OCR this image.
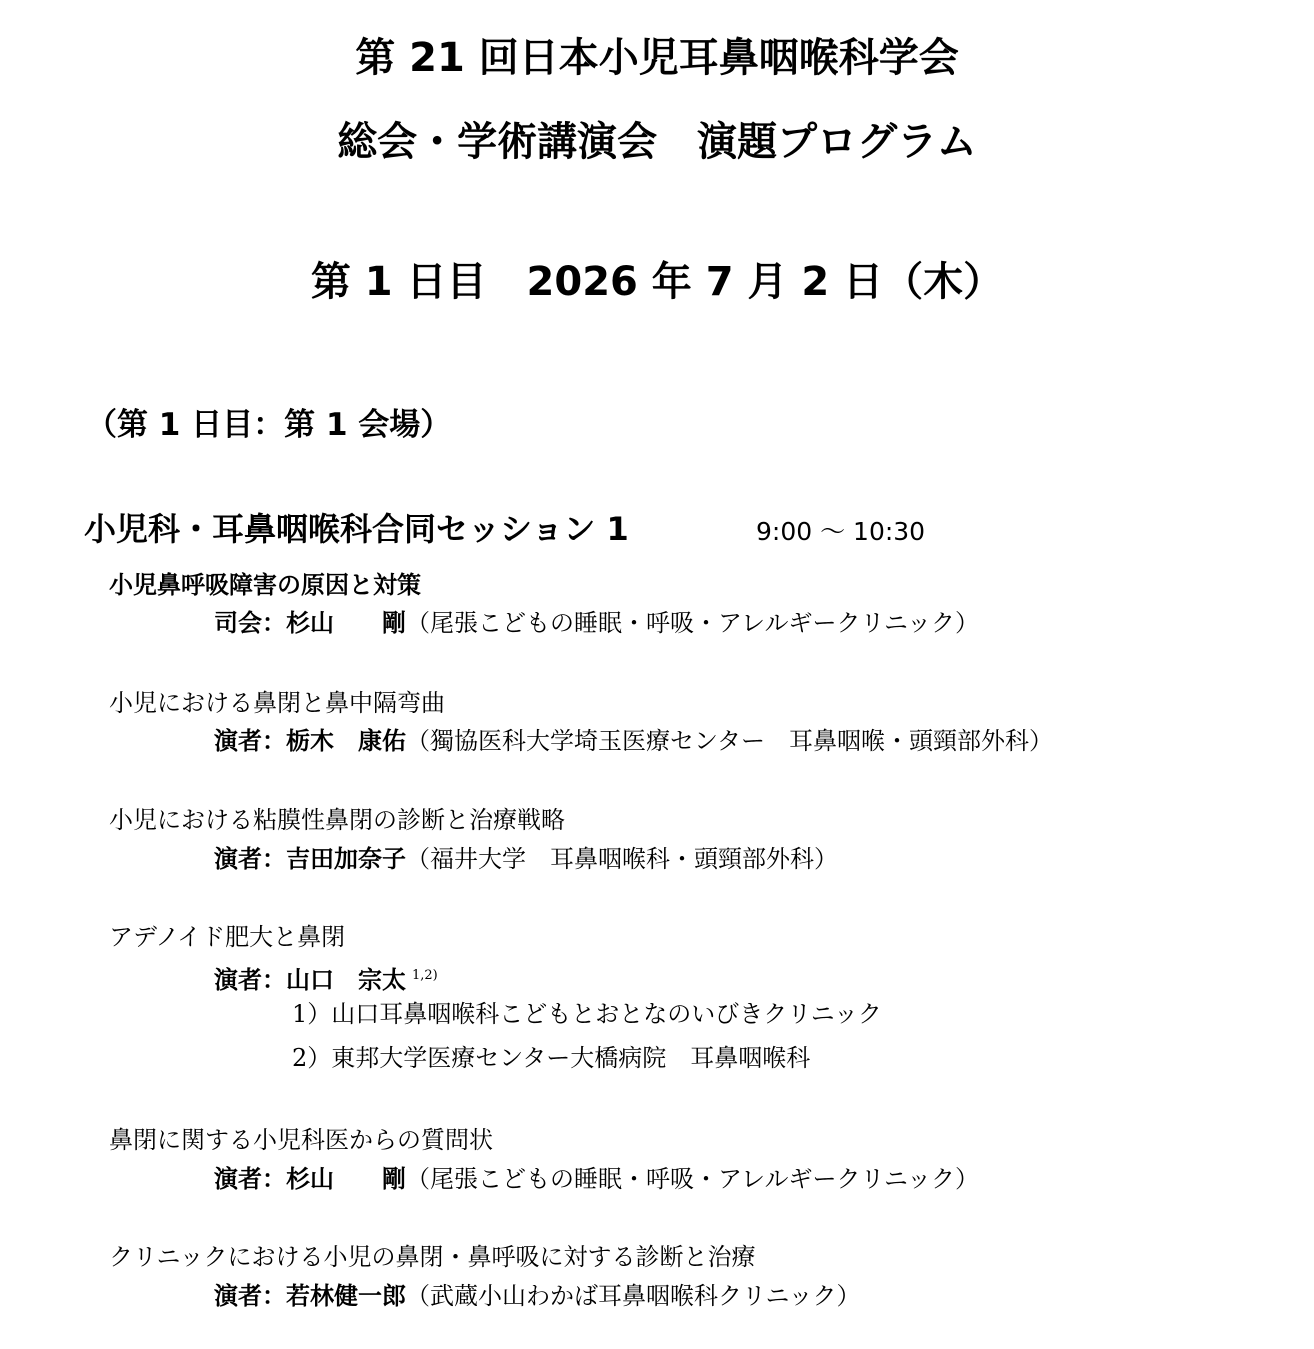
第 21 回日本小児耳鼻咽喉科学会
総会・学術講演会　演題プログラム
第 1 日目　2026 年 7 月 2 日（木）
（第 1 日目：第 1 会場）
小児科・耳鼻咽喉科合同セッション 1	9:00 ～ 10:30
小児鼻呼吸障害の原因と対策
司会：杉山　　剛（尾張こどもの睡眠・呼吸・アレルギークリニック）
小児における鼻閉と鼻中隔弯曲
演者：栃木　康佑（獨協医科大学埼玉医療センター　耳鼻咽喉・頭頸部外科）
小児における粘膜性鼻閉の診断と治療戦略
演者：吉田加奈子（福井大学　耳鼻咽喉科・頭頸部外科）
アデノイド肥大と鼻閉
演者：山口　宗太 $^{1,2)}$
1）山口耳鼻咽喉科こどもとおとなのいびきクリニック
2）東邦大学医療センター大橋病院　耳鼻咽喉科
鼻閉に関する小児科医からの質問状
演者：杉山　　剛（尾張こどもの睡眠・呼吸・アレルギークリニック）
クリニックにおける小児の鼻閉・鼻呼吸に対する診断と治療
演者：若林健一郎（武蔵小山わかば耳鼻咽喉科クリニック）
